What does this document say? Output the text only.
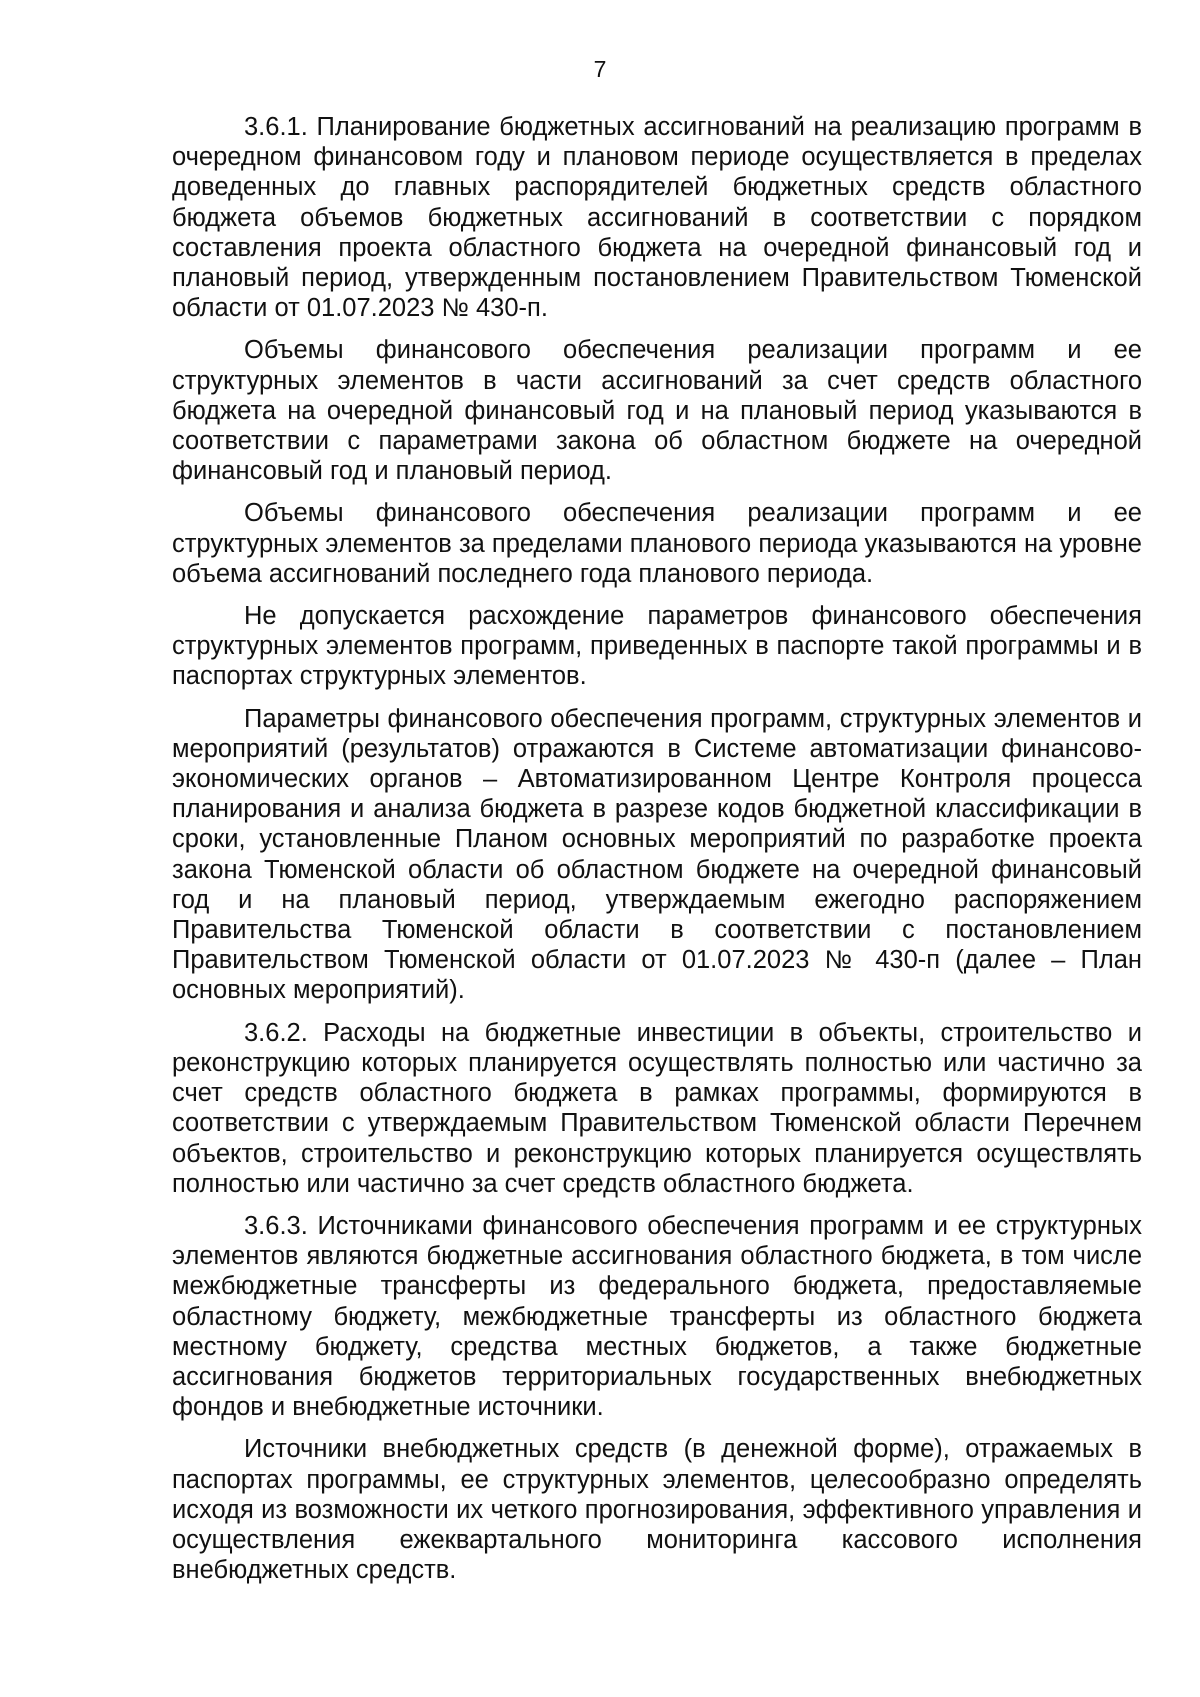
7

3.6.1. Планирование бюджетных ассигнований на реализацию программ в очередном финансовом году и плановом периоде осуществляется в пределах доведенных до главных распорядителей бюджетных средств областного бюджета объемов бюджетных ассигнований в соответствии с порядком составления проекта областного бюджета на очередной финансовый год и плановый период, утвержденным постановлением Правительством Тюменской области от 01.07.2023 № 430-п.

Объемы финансового обеспечения реализации программ и ее структурных элементов в части ассигнований за счет средств областного бюджета на очередной финансовый год и на плановый период указываются в соответствии с параметрами закона об областном бюджете на очередной финансовый год и плановый период.

Объемы финансового обеспечения реализации программ и ее структурных элементов за пределами планового периода указываются на уровне объема ассигнований последнего года планового периода.

Не допускается расхождение параметров финансового обеспечения структурных элементов программ, приведенных в паспорте такой программы и в паспортах структурных элементов.

Параметры финансового обеспечения программ, структурных элементов и мероприятий (результатов) отражаются в Системе автоматизации финансово-экономических органов – Автоматизированном Центре Контроля процесса планирования и анализа бюджета в разрезе кодов бюджетной классификации в сроки, установленные Планом основных мероприятий по разработке проекта закона Тюменской области об областном бюджете на очередной финансовый год и на плановый период, утверждаемым ежегодно распоряжением Правительства Тюменской области в соответствии с постановлением Правительством Тюменской области от 01.07.2023 № 430-п (далее – План основных мероприятий).

3.6.2. Расходы на бюджетные инвестиции в объекты, строительство и реконструкцию которых планируется осуществлять полностью или частично за счет средств областного бюджета в рамках программы, формируются в соответствии с утверждаемым Правительством Тюменской области Перечнем объектов, строительство и реконструкцию которых планируется осуществлять полностью или частично за счет средств областного бюджета.

3.6.3. Источниками финансового обеспечения программ и ее структурных элементов являются бюджетные ассигнования областного бюджета, в том числе межбюджетные трансферты из федерального бюджета, предоставляемые областному бюджету, межбюджетные трансферты из областного бюджета местному бюджету, средства местных бюджетов, а также бюджетные ассигнования бюджетов территориальных государственных внебюджетных фондов и внебюджетные источники.

Источники внебюджетных средств (в денежной форме), отражаемых в паспортах программы, ее структурных элементов, целесообразно определять исходя из возможности их четкого прогнозирования, эффективного управления и осуществления ежеквартального мониторинга кассового исполнения внебюджетных средств.
